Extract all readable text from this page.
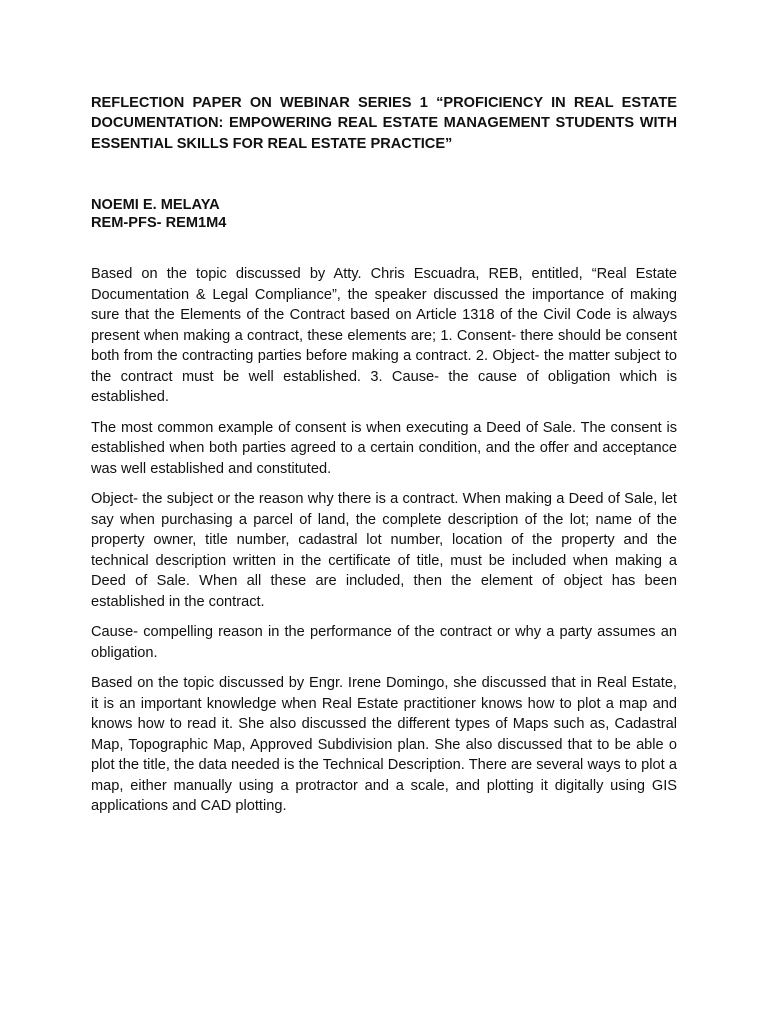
REFLECTION PAPER ON WEBINAR SERIES 1 “PROFICIENCY IN REAL ESTATE DOCUMENTATION: EMPOWERING REAL ESTATE MANAGEMENT STUDENTS WITH ESSENTIAL SKILLS FOR REAL ESTATE PRACTICE”
NOEMI E. MELAYA
REM-PFS- REM1M4

Based on the topic discussed by Atty. Chris Escuadra, REB, entitled, “Real Estate Documentation & Legal Compliance”, the speaker discussed the importance of making sure that the Elements of the Contract based on Article 1318 of the Civil Code is always present when making a contract, these elements are; 1. Consent- there should be consent both from the contracting parties before making a contract. 2. Object- the matter subject to the contract must be well established. 3. Cause- the cause of obligation which is established.

The most common example of consent is when executing a Deed of Sale. The consent is established when both parties agreed to a certain condition, and the offer and acceptance was well established and constituted.

Object- the subject or the reason why there is a contract. When making a Deed of Sale, let say when purchasing a parcel of land, the complete description of the lot; name of the property owner, title number, cadastral lot number, location of the property and the technical description written in the certificate of title, must be included when making a Deed of Sale. When all these are included, then the element of object has been established in the contract.

Cause- compelling reason in the performance of the contract or why a party assumes an obligation.

Based on the topic discussed by Engr. Irene Domingo, she discussed that in Real Estate, it is an important knowledge when Real Estate practitioner knows how to plot a map and knows how to read it. She also discussed the different types of Maps such as, Cadastral Map, Topographic Map, Approved Subdivision plan. She also discussed that to be able o plot the title, the data needed is the Technical Description. There are several ways to plot a map, either manually using a protractor and a scale, and plotting it digitally using GIS applications and CAD plotting.
